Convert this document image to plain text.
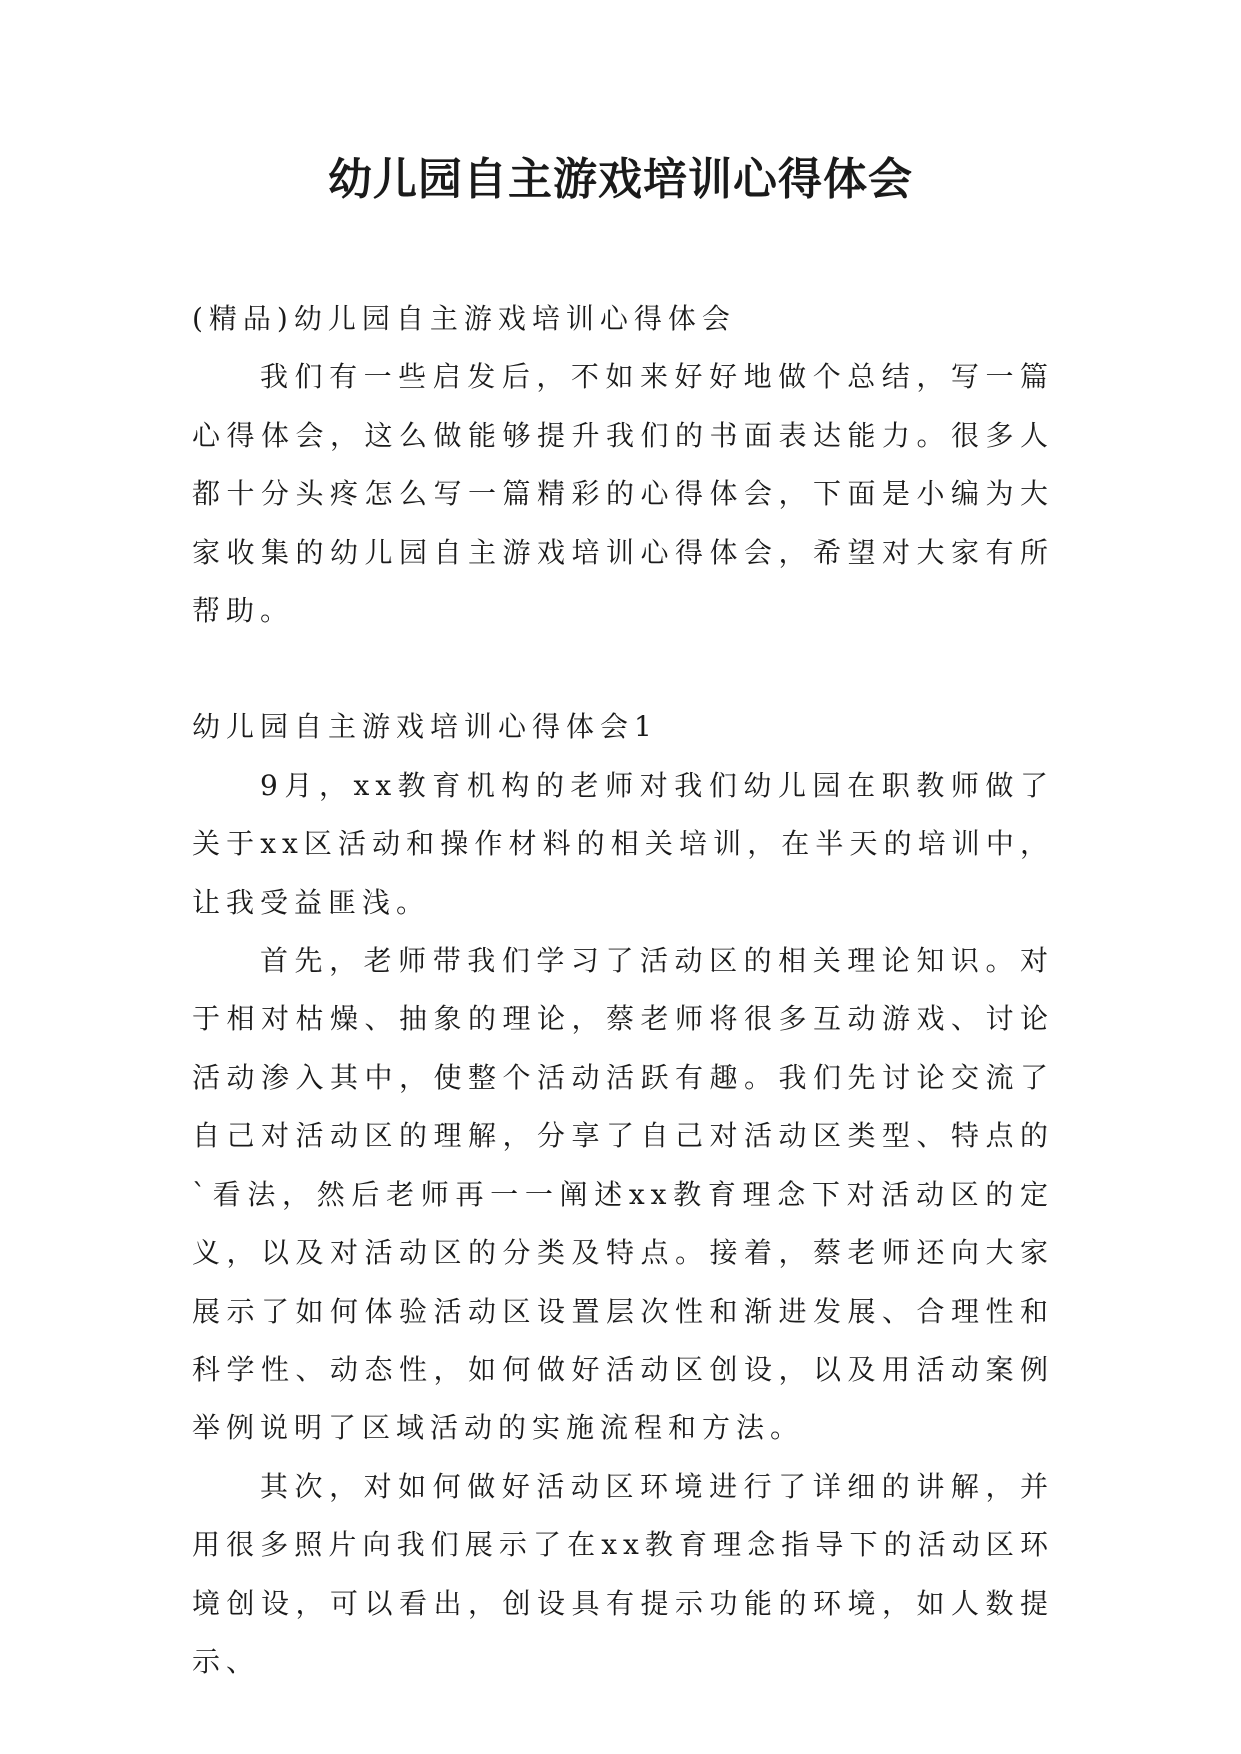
幼儿园自主游戏培训心得体会

(精品)幼儿园自主游戏培训心得体会

我们有一些启发后，不如来好好地做个总结，写一篇心得体会，这么做能够提升我们的书面表达能力。很多人都十分头疼怎么写一篇精彩的心得体会，下面是小编为大家收集的幼儿园自主游戏培训心得体会，希望对大家有所帮助。

幼儿园自主游戏培训心得体会1

9月，xx教育机构的老师对我们幼儿园在职教师做了关于xx区活动和操作材料的相关培训，在半天的培训中，让我受益匪浅。

首先，老师带我们学习了活动区的相关理论知识。对于相对枯燥、抽象的理论，蔡老师将很多互动游戏、讨论活动渗入其中，使整个活动活跃有趣。我们先讨论交流了自己对活动区的理解，分享了自己对活动区类型、特点的`看法，然后老师再一一阐述xx教育理念下对活动区的定义，以及对活动区的分类及特点。接着，蔡老师还向大家展示了如何体验活动区设置层次性和渐进发展、合理性和科学性、动态性，如何做好活动区创设，以及用活动案例举例说明了区域活动的实施流程和方法。

其次，对如何做好活动区环境进行了详细的讲解，并用很多照片向我们展示了在xx教育理念指导下的活动区环境创设，可以看出，创设具有提示功能的环境，如人数提示、
